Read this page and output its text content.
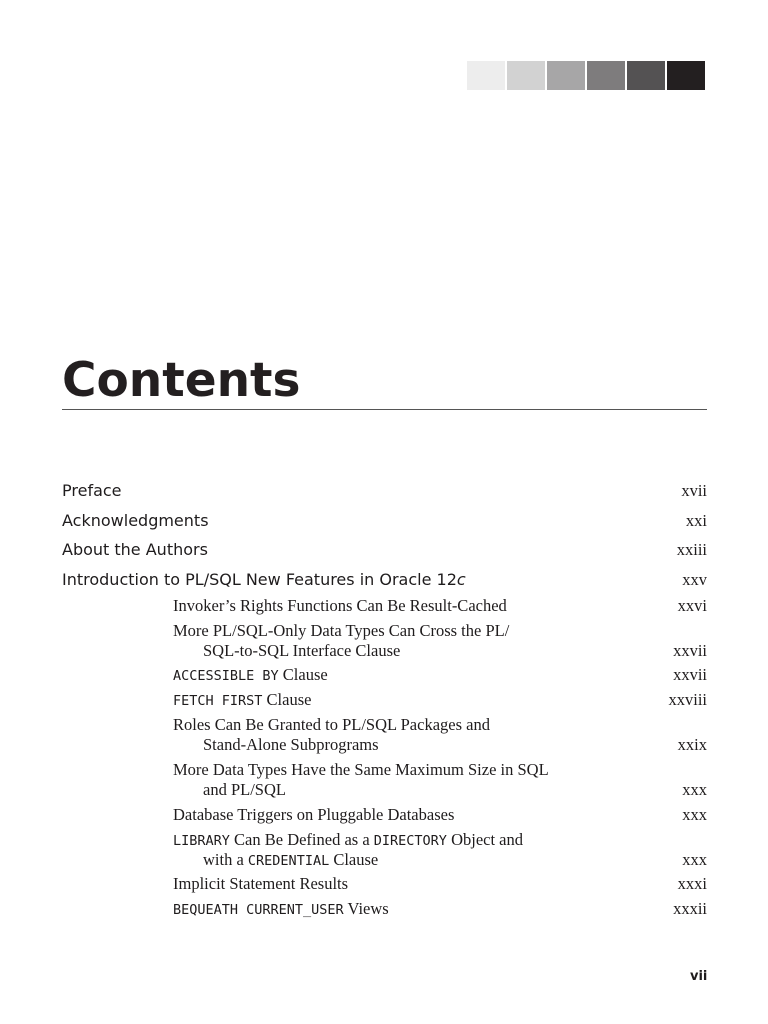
Contents
Preface	xvii
Acknowledgments	xxi
About the Authors	xxiii
Introduction to PL/SQL New Features in Oracle 12c	xxv
Invoker’s Rights Functions Can Be Result-Cached	xxvi
More PL/SQL-Only Data Types Can Cross the PL/
SQL-to-SQL Interface Clause	xxvii
ACCESSIBLE BY Clause	xxvii
FETCH FIRST Clause	xxviii
Roles Can Be Granted to PL/SQL Packages and
Stand-Alone Subprograms	xxix
More Data Types Have the Same Maximum Size in SQL
and PL/SQL	xxx
Database Triggers on Pluggable Databases	xxx
LIBRARY Can Be Defined as a DIRECTORY Object and
with a CREDENTIAL Clause	xxx
Implicit Statement Results	xxxi
BEQUEATH CURRENT_USER Views	xxxii
vii
